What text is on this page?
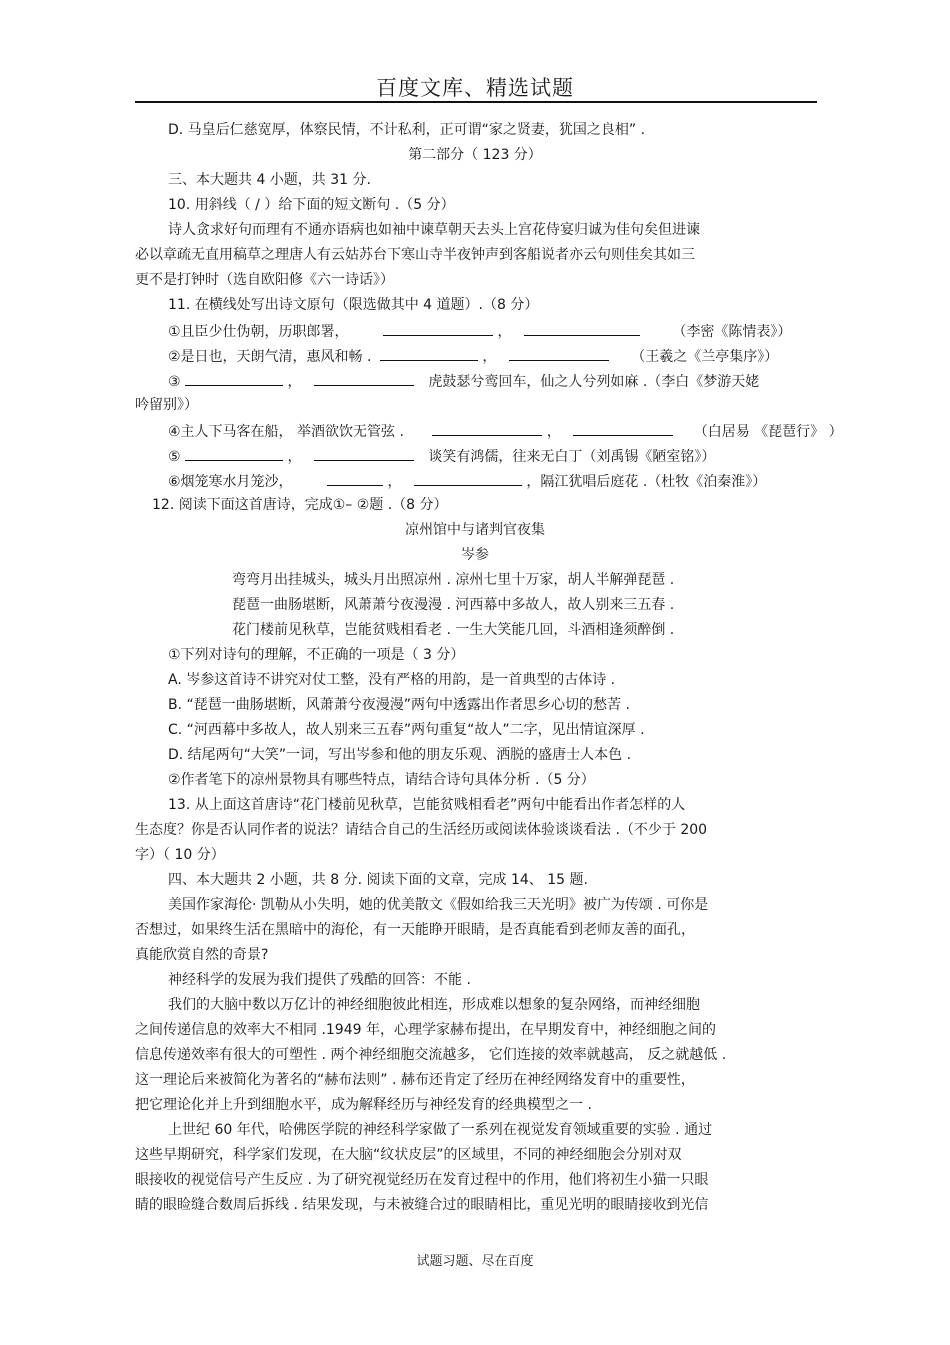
百度文库、精选试题
D. 马皇后仁慈宽厚，体察民情，不计私利，正可谓“家之贤妻，犹国之良相” .
第二部分（ 123 分）
三、本大题共 4 小题，共 31 分.
10. 用斜线（ / ）给下面的短文断句 .（5 分）
诗人贪求好句而理有不通亦语病也如袖中谏草朝天去头上宫花侍宴归诚为佳句矣但进谏
必以章疏无直用稿草之理唐人有云姑苏台下寒山寺半夜钟声到客船说者亦云句则佳矣其如三
更不是打钟时（选自欧阳修《六一诗话》）
11. 在横线处写出诗文原句（限选做其中 4 道题）.（8 分）
①且臣少仕伪朝，历职郎署，	，	（李密《陈情表》）
②是日也，天朗气清，惠风和畅 .	，	（王羲之《兰亭集序》）
③	，	虎鼓瑟兮鸾回车，仙之人兮列如麻 .（李白《梦游天姥
吟留别》）
④主人下马客在船， 举酒欲饮无管弦 .	，	（白居易 《琵琶行》 ）
⑤	，	谈笑有鸿儒，往来无白丁（刘禹锡《陋室铭》）
⑥烟笼寒水月笼沙，	，	，隔江犹唱后庭花 .（杜牧《泊秦淮》）
12. 阅读下面这首唐诗，完成①– ②题 .（8 分）
凉州馆中与诸判官夜集
岑参
弯弯月出挂城头，城头月出照凉州 . 凉州七里十万家，胡人半解弹琵琶 .
琵琶一曲肠堪断，风萧萧兮夜漫漫 . 河西幕中多故人，故人别来三五春 .
花门楼前见秋草，岂能贫贱相看老 . 一生大笑能几回，斗酒相逢须醉倒 .
①下列对诗句的理解，不正确的一项是（ 3 分）
A. 岑参这首诗不讲究对仗工整，没有严格的用韵，是一首典型的古体诗 .
B. “琵琶一曲肠堪断，风萧萧兮夜漫漫”两句中透露出作者思乡心切的愁苦 .
C. “河西幕中多故人，故人别来三五春”两句重复“故人”二字，见出情谊深厚 .
D. 结尾两句“大笑”一词，写出岑参和他的朋友乐观、洒脱的盛唐士人本色 .
②作者笔下的凉州景物具有哪些特点，请结合诗句具体分析 .（5 分）
13. 从上面这首唐诗“花门楼前见秋草，岂能贫贱相看老”两句中能看出作者怎样的人
生态度？你是否认同作者的说法？请结合自己的生活经历或阅读体验谈谈看法 .（不少于 200
字）（ 10 分）
四、本大题共 2 小题，共 8 分. 阅读下面的文章，完成 14、 15 题.
美国作家海伦· 凯勒从小失明，她的优美散文《假如给我三天光明》被广为传颂 . 可你是
否想过，如果终生活在黑暗中的海伦，有一天能睁开眼睛，是否真能看到老师友善的面孔，
真能欣赏自然的奇景?
神经科学的发展为我们提供了残酷的回答：不能 .
我们的大脑中数以万亿计的神经细胞彼此相连，形成难以想象的复杂网络，而神经细胞
之间传递信息的效率大不相同 .1949 年，心理学家赫布提出，在早期发育中，神经细胞之间的
信息传递效率有很大的可塑性 . 两个神经细胞交流越多， 它们连接的效率就越高， 反之就越低 .
这一理论后来被简化为著名的“赫布法则” . 赫布还肯定了经历在神经网络发育中的重要性，
把它理论化并上升到细胞水平，成为解释经历与神经发育的经典模型之一 .
上世纪 60 年代，哈佛医学院的神经科学家做了一系列在视觉发育领域重要的实验 . 通过
这些早期研究，科学家们发现，在大脑“纹状皮层”的区域里，不同的神经细胞会分别对双
眼接收的视觉信号产生反应 . 为了研究视觉经历在发育过程中的作用，他们将初生小猫一只眼
睛的眼睑缝合数周后拆线 . 结果发现，与未被缝合过的眼睛相比，重见光明的眼睛接收到光信
试题习题、尽在百度
